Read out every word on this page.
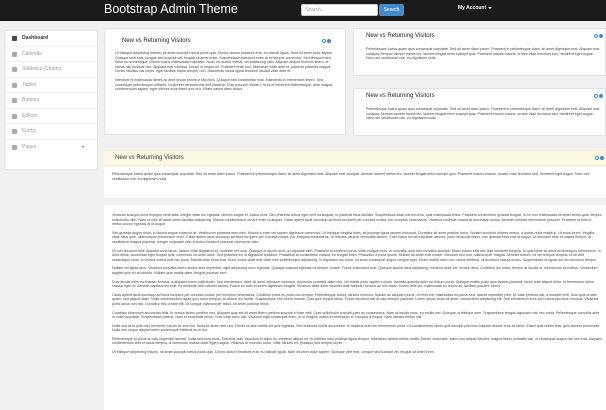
Bootstrap Admin Theme	Search...	Search	My Account
Dashboard
Calendar
Statistics (Charts)
Tables
Buttons
Editors
Forms
Pages
New vs Returning Visitors

Ut tristique adipiscing mauris, sit amet suscipit metus porta quis. Donec dictum tincidunt erat, eu blandit ligula. Nam sit amet dolor sapien. Quisque velit erat, congue sed suscipit vel, feugiat sit amet enim. Suspendisse interdum enim at mi tempor commodo. Sed tincidunt sed tortor eu scelerisque. Donec luctus malesuada vulputate. Nunc vel auctor metus, vel adipiscing odio. Aliquam aliquet rhoncus libero, at varius nisi pulvinar nec. Aliquam erat volutpat. Donec ut neque mi. Praesent enim nisl, bibendum vitae ante et, placerat pharetra magna. Donec facilisis nisl turpis, eget facilisis turpis semper non. Maecenas luctus ligula tincidunt iasdad vitae ante et.

Interdum et malesuada fames ac ante ipsum primis in faucibus. Quisque sed consectetur erat. Maecenas in elementum libero. Sed consequat pellentesque ultricies. Ut laoreet vehicula nisl sed placerat. Duis posuere lectus n, eros et hendrerit pellentesque, ante magna condimentum sapien, eget ultrices eros libero non orci. Etiam varius diam lectus.

New vs Returning Visitors
Pellentesque luctus quam quis consequat vulputate. Sed sit amet diam ipsum. Praesent in pellentesque diam, sit amet dignissim erat. Aliquam erat volutpat. Aenean laoreet metus leo, laoreet feugiat enim suscipit quis. Praesent mauris mauris, ornare vitae tincidunt sed, hendrerit eget augue. Nam nec vestibulum nisi, eu dignissim nulla.
New vs Returning Visitors
Pellentesque luctus quam quis consequat vulputate. Sed sit amet diam ipsum. Praesent in pellentesque diam, sit amet dignissim erat. Aliquam erat volutpat. Aenean laoreet metus leo, laoreet feugiat enim suscipit quis. Praesent mauris mauris, ornare vitae tincidunt sed, hendrerit eget augue. Nam nec vestibulum nisi, eu dignissim nulla.
New vs Returning Visitors
Pellentesque luctus quam quis consequat vulputate. Sed sit amet diam ipsum. Praesent in pellentesque diam, sit amet dignissim erat. Aliquam erat volutpat. Aenean laoreet metus leo, laoreet feugiat enim suscipit quis. Praesent mauris mauris, ornare vitae tincidunt sed, hendrerit eget augue. Nam nec vestibulum nisi, eu dignissim nulla.

Vivamus suscipit dui id tristique venenatis. Integer vitae dui egestas, ultrices augue et, luctus eros. Sed pharetra lectus eget velit consequat, in placerat risus facilisis. Suspendisse vitae rutrum urna, quis malesuada tellus. Praesent consectetur gravida feugiat. In mi orci, malesuada sit amet lectus quis, tempor sollicitudin nibh. Nam ut nibh sit amet lorem facilisis adipiscing. Mauris condimentum ornare enim ut aliquet. Class aptent taciti sociosqu ad litora torquent per conubia nostra, per inceptos himenaeos. Vivamus molestie massa at accumsan luctus. Aenean ultricies elementum posuere. Praesent id felis id metus auctor egestas at id augue.

Sed gravida augue risus, in lacinia augue euismod at. Vestibulum pharetra sem nibh. Mauris a enim vel sapien dignissim commodo. Ut tristique fringilla diam, sit pulvinar ligula laoreet euismod. Curabitur sit amet pretium tortor. Nullam tincidunt ultrices metus, a luctus nulla mattis in. Ut risus lorem, fringilla vitae risus quis, ullamcorper elementum nunc. Class aptent taciti sociosqu ad litora torquent per conubia nostra, per inceptos himenaeos. Ut lobortis risus at venenatis dictum. Cras luctus leo at vulputate ultrices, justo mi iaculis libero, non gravida eros erat id augue. Ut tincidunt eros id massa tempor, at vestibulum magna placerat. Integer vulputate odio a lectus tincidunt placerat viverra vel odio.

Ut non tincidunt felis. Aliquam urna lacus, dictum vitae dignissim id, molestie vel urna. Quisque et auctor eros, a vulputate nibh. Praesent at eleifend purus, vitae congue eros. In convallis urna non convallis suscipit. Etiam auctor erat nec felis hendrerit fringilla. In quis tortor sit amet eros tempus elementum. In urna tellus, accumsan eget feugiat quis, commodo sit amet dolor. Sed pharetra leo id dignissim tincidunt. Phasellus at consectetur massa, eu feugiat enim. Phasellus a porta ipsum. Nullam sit amet erat ornare, interdum orci non, ullamcorper magna. Aenean dictum, mi vel tempus tempus, urna velit scelerisque nulla, in viverra metus erat nec justo. Mauris vitae risus erat. Nunc luctus vitae erat vitae nibh pellentesque adipiscing. In dignissim dui tortor, sit amet consequat augue congue eget. Etiam mattis diam non metus eleifend, sit tincidunt massa luctus. Suspendisse id ligula non leo tincidunt tempor.

Nullam vel ligula arcu. Vivamus convallis libero auctor ante imperdiet, eget adipiscing nunc egestas. Quisque suscipit egestas mi tempor ornare. Fusce a tincidunt erat. Quisque iaculis risus adipiscing, eleifend dolor vel, ornare risus. Curabitur leo tortor, tempor at iaculis id, elementum sed tellus. Vestibulum sagittis quis mi at lobortis. Nullam quis mattis diam, feugiat pulvinar sem.

Duis iaculis enim eu massa rhoncus, a aliquam lorem sollicitudin. Sed elementum, dolor sit amet interdum euismod, dui lectus convallis diam nec, vel mattis justo sapien in justo. Aenean gravida dolor eu rutrum porta. Quisque mattis, justo quis lacinia pharetra, tortor ante aliquet dolor, et fermentum tellus massa eget mi. Aenean dapibus leo erat, eu molestie nibh lobortis lacinia. Fusce eu odio et lorem dignissim fringilla. Vivamus vitae dolor sit amet ante facilisis rhoncus ac non diam. Donec felis leo, malesuada eu lectus ac, facilisis posuere lorem.

Class aptent taciti sociosqu ad litora torquent per conubia nostra, per inceptos himenaeos. Curabitur porta eu justo non tempor. Pellentesque auctor ultrices rhoncus. Nullam ac aliquam purus. Ut eros elit, malesuada eu purus sed, lacinia imperdiet nibh. Ut vitae pretium nisl, a suscipit velit. Duis quis ornare quam, sed aliquet diam. Nulla condimentum ligula quis dolor tempus, at dictum leo mollis. Suspendisse non lorem mauris. Cras quis cursus tellus. Fusce tincidunt nisl at odio tempor placerat. Lorem ipsum dolor sit amet, consectetur adipiscing elit. Sed elementum eros sed metus faucibus rhoncus. Vivamus porta lacus non nisl. Curabitur nec ornare elit. Ut congue ullamcorper tellus, sit amet pulvinar tellus.

Curabitur bibendum accumsan felis, in cursus lectus porttitor sed. Aliquam quis est sit amet libero pretium suscipit a vitae velit. Cras sollicitudin suscipit justo ac consectetur. Nam ut iaculis nunc, eu mollis nisi. Quisque ut tristique sem. Suspendisse feugiat dignissim nisi nec porta. Pellentesque convallis ante id nulla vulputate. Suspendisse potenti. Nam et venenatis tellus. Cras vitae dolor nisi. Vivamus eget consequat enim. In ut magna, mattis id bibendum et, rhoncus a neque. Nam ultrices metus nisl.

Nulla sed sem quis odio hendrerit rutrum ac sed nisl. Nulla sit amet nibh orci. Donec ornare mattis elit quis egestas. Sed euismod mollis accumsan. In dapibus erat nec elementum porta. Ut condimentum lacus quis suscipit pulvinar. Aliquam auctor eros ac tortor. Etiam quis mattis felis, quis laoreet accumsan. Nulla nec neque aliquet lorem scelerisque eleifend eu et leo.

Pellentesque id purus at odio imperdiet laoreet. Nulla sed eros risus. Sed felis odio, faucibus et tellus eu, eleifend aliquet mi. In porttitor odio pulvinar ligula tempor, bibendum lacinia metus mollis. Donec venenatis, tellus non aliquet lobortis, magna libero convallis nisl, in consequat augue nisl nec erat. Aliquam condimentum velit et lacus tempus, a commodo massa dolor eget magna. Vivamus ut rhoncus tortor, vitae ultrices mi. Quisque sed tempor turpis.

Ut tristique adipiscing mauris, sit amet suscipit metus porta quis. Donec dictum tincidunt erat, eu blandit ligula. Nam sit amet dolor sapien. Quisque velit erat, congue sed suscipit vel, feugiat sit amet enim.
